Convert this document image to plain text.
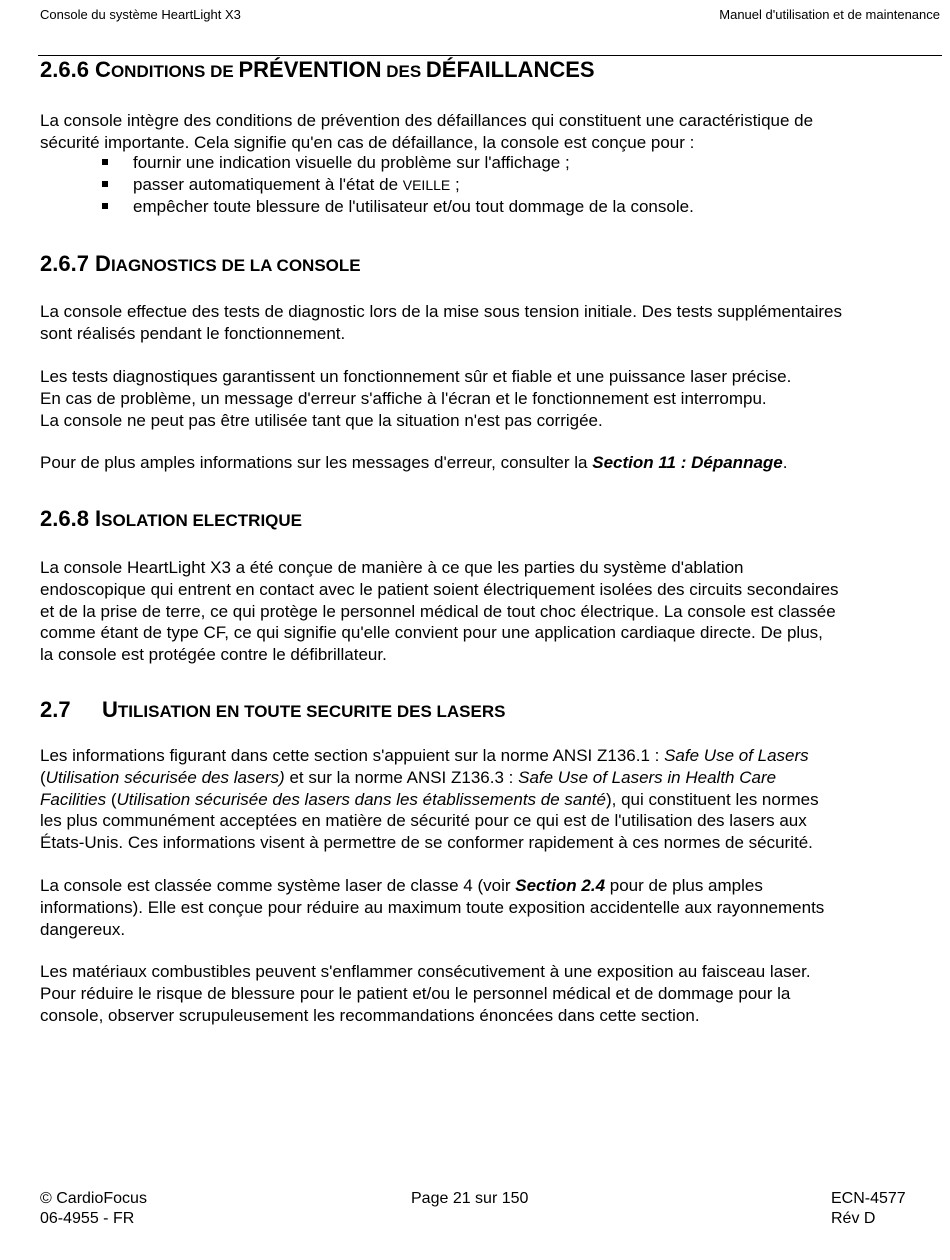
Console du système HeartLight X3	Manuel d'utilisation et de maintenance
2.6.6 CONDITIONS DE PRÉVENTION DES DÉFAILLANCES
La console intègre des conditions de prévention des défaillances qui constituent une caractéristique de
sécurité importante. Cela signifie qu'en cas de défaillance, la console est conçue pour :
fournir une indication visuelle du problème sur l'affichage ;
passer automatiquement à l'état de VEILLE ;
empêcher toute blessure de l'utilisateur et/ou tout dommage de la console.
2.6.7 DIAGNOSTICS DE LA CONSOLE
La console effectue des tests de diagnostic lors de la mise sous tension initiale. Des tests supplémentaires
sont réalisés pendant le fonctionnement.
Les tests diagnostiques garantissent un fonctionnement sûr et fiable et une puissance laser précise.
En cas de problème, un message d'erreur s'affiche à l'écran et le fonctionnement est interrompu.
La console ne peut pas être utilisée tant que la situation n'est pas corrigée.
Pour de plus amples informations sur les messages d'erreur, consulter la Section 11 : Dépannage.
2.6.8 ISOLATION ELECTRIQUE
La console HeartLight X3 a été conçue de manière à ce que les parties du système d'ablation
endoscopique qui entrent en contact avec le patient soient électriquement isolées des circuits secondaires
et de la prise de terre, ce qui protège le personnel médical de tout choc électrique. La console est classée
comme étant de type CF, ce qui signifie qu'elle convient pour une application cardiaque directe. De plus,
la console est protégée contre le défibrillateur.
2.7 UTILISATION EN TOUTE SECURITE DES LASERS
Les informations figurant dans cette section s'appuient sur la norme ANSI Z136.1 : Safe Use of Lasers
(Utilisation sécurisée des lasers) et sur la norme ANSI Z136.3 : Safe Use of Lasers in Health Care
Facilities (Utilisation sécurisée des lasers dans les établissements de santé), qui constituent les normes
les plus communément acceptées en matière de sécurité pour ce qui est de l'utilisation des lasers aux
États-Unis. Ces informations visent à permettre de se conformer rapidement à ces normes de sécurité.
La console est classée comme système laser de classe 4 (voir Section 2.4 pour de plus amples
informations). Elle est conçue pour réduire au maximum toute exposition accidentelle aux rayonnements
dangereux.
Les matériaux combustibles peuvent s'enflammer consécutivement à une exposition au faisceau laser.
Pour réduire le risque de blessure pour le patient et/ou le personnel médical et de dommage pour la
console, observer scrupuleusement les recommandations énoncées dans cette section.
© CardioFocus
06-4955 - FR
Page 21 sur 150	ECN-4577
Rév D
